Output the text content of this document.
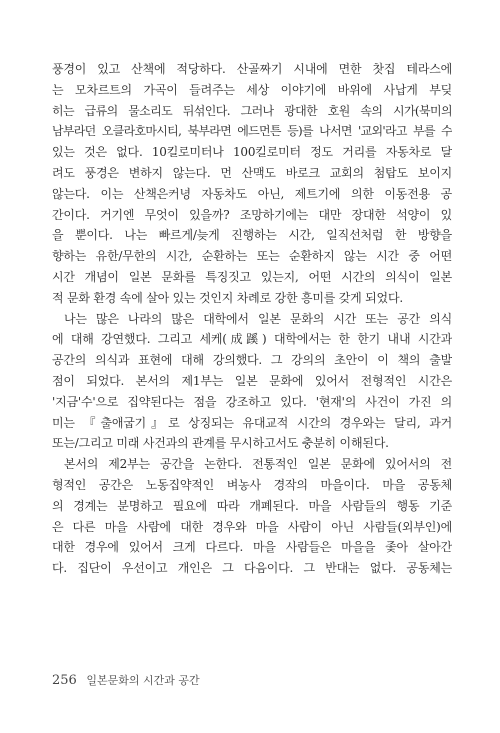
풍경이 있고 산책에 적당하다. 산골짜기 시내에 면한 찻집 테라스에
는 모차르트의 가곡이 들려주는 세상 이야기에 바위에 사납게 부딪
히는 급류의 물소리도 뒤섞인다. 그러나 광대한 호원 속의 시가(북미의
남부라던 오클라호마시티, 북부라면 에드먼튼 등)를 나서면 '교외'라고 부를 수
있는 것은 없다. 10킬로미터나 100킬로미터 정도 거리를 자동차로 달
려도 풍경은 변하지 않는다. 먼 산맥도 바로크 교회의 첨탑도 보이지
않는다. 이는 산책은커녕 자동차도 아닌, 제트기에 의한 이동전용 공
간이다. 거기엔 무엇이 있을까? 조망하기에는 대만 장대한 석양이 있
을 뿐이다. 나는 빠르게/늦게 진행하는 시간, 일직선처럼 한 방향을
향하는 유한/무한의 시간, 순환하는 또는 순환하지 않는 시간 중 어떤
시간 개념이 일본 문화를 특징짓고 있는지, 어떤 시간의 의식이 일본
적 문화 환경 속에 살아 있는 것인지 차례로 강한 흥미를 갖게 되었다.
나는 많은 나라의 많은 대학에서 일본 문화의 시간 또는 공간 의식
에 대해 강연했다. 그리고 세케(成蹊) 대학에서는 한 한기 내내 시간과
공간의 의식과 표현에 대해 강의했다. 그 강의의 초안이 이 책의 출발
점이 되었다. 본서의 제1부는 일본 문화에 있어서 전형적인 시간은
'지금'수'으로 집약된다는 점을 강조하고 있다. '현재'의 사건이 가진 의
미는 『출애굽기』로 상징되는 유대교적 시간의 경우와는 달리, 과거
또는/그리고 미래 사건과의 관계를 무시하고서도 충분히 이해된다.
본서의 제2부는 공간을 논한다. 전통적인 일본 문화에 있어서의 전
형적인 공간은 노동집약적인 벼농사 경작의 마을이다. 마을 공동체
의 경계는 분명하고 필요에 따라 개폐된다. 마을 사람들의 행동 기준
은 다른 마을 사람에 대한 경우와 마을 사람이 아닌 사람들(외부인)에
대한 경우에 있어서 크게 다르다. 마을 사람들은 마을을 좇아 살아간
다. 집단이 우선이고 개인은 그 다음이다. 그 반대는 없다. 공동체는
256 일본문화의 시간과 공간
